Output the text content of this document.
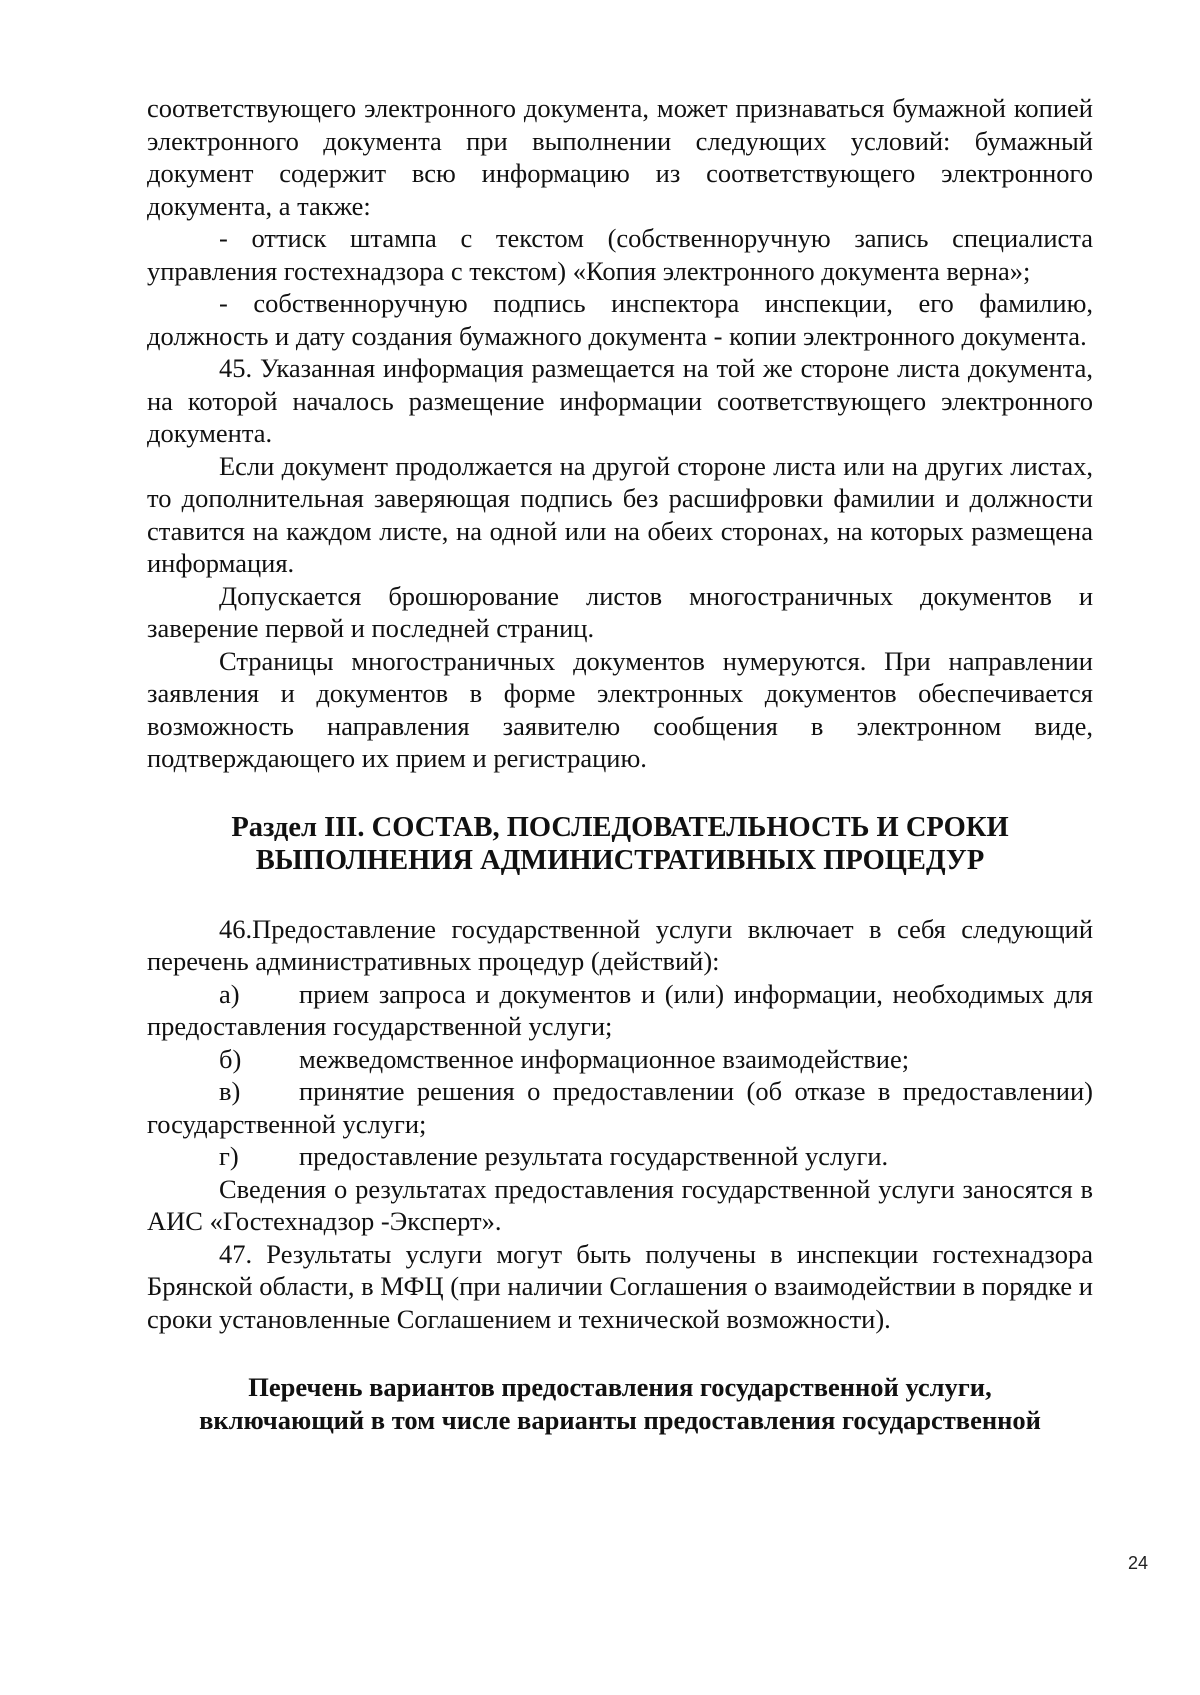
соответствующего электронного документа, может признаваться бумажной копией электронного документа при выполнении следующих условий: бумажный документ содержит всю информацию из соответствующего электронного документа, а также:

- оттиск штампа с текстом (собственноручную запись специалиста управления гостехнадзора с текстом) «Копия электронного документа верна»;

- собственноручную подпись инспектора инспекции, его фамилию, должность и дату создания бумажного документа - копии электронного документа.

45. Указанная информация размещается на той же стороне листа документа, на которой началось размещение информации соответствующего электронного документа.

Если документ продолжается на другой стороне листа или на других листах, то дополнительная заверяющая подпись без расшифровки фамилии и должности ставится на каждом листе, на одной или на обеих сторонах, на которых размещена информация.

Допускается брошюрование листов многостраничных документов и заверение первой и последней страниц.

Страницы многостраничных документов нумеруются. При направлении заявления и документов в форме электронных документов обеспечивается возможность направления заявителю сообщения в электронном виде, подтверждающего их прием и регистрацию.

Раздел III. СОСТАВ, ПОСЛЕДОВАТЕЛЬНОСТЬ И СРОКИ
ВЫПОЛНЕНИЯ АДМИНИСТРАТИВНЫХ ПРОЦЕДУР

46.Предоставление государственной услуги включает в себя следующий перечень административных процедур (действий):

а) прием запроса и документов и (или) информации, необходимых для предоставления государственной услуги;

б) межведомственное информационное взаимодействие;

в) принятие решения о предоставлении (об отказе в предоставлении) государственной услуги;

г) предоставление результата государственной услуги.

Сведения о результатах предоставления государственной услуги заносятся в АИС «Гостехнадзор -Эксперт».

47. Результаты услуги могут быть получены в инспекции гостехнадзора Брянской области, в МФЦ (при наличии Соглашения о взаимодействии в порядке и сроки установленные Соглашением и технической возможности).

Перечень вариантов предоставления государственной услуги,
включающий в том числе варианты предоставления государственной
24
